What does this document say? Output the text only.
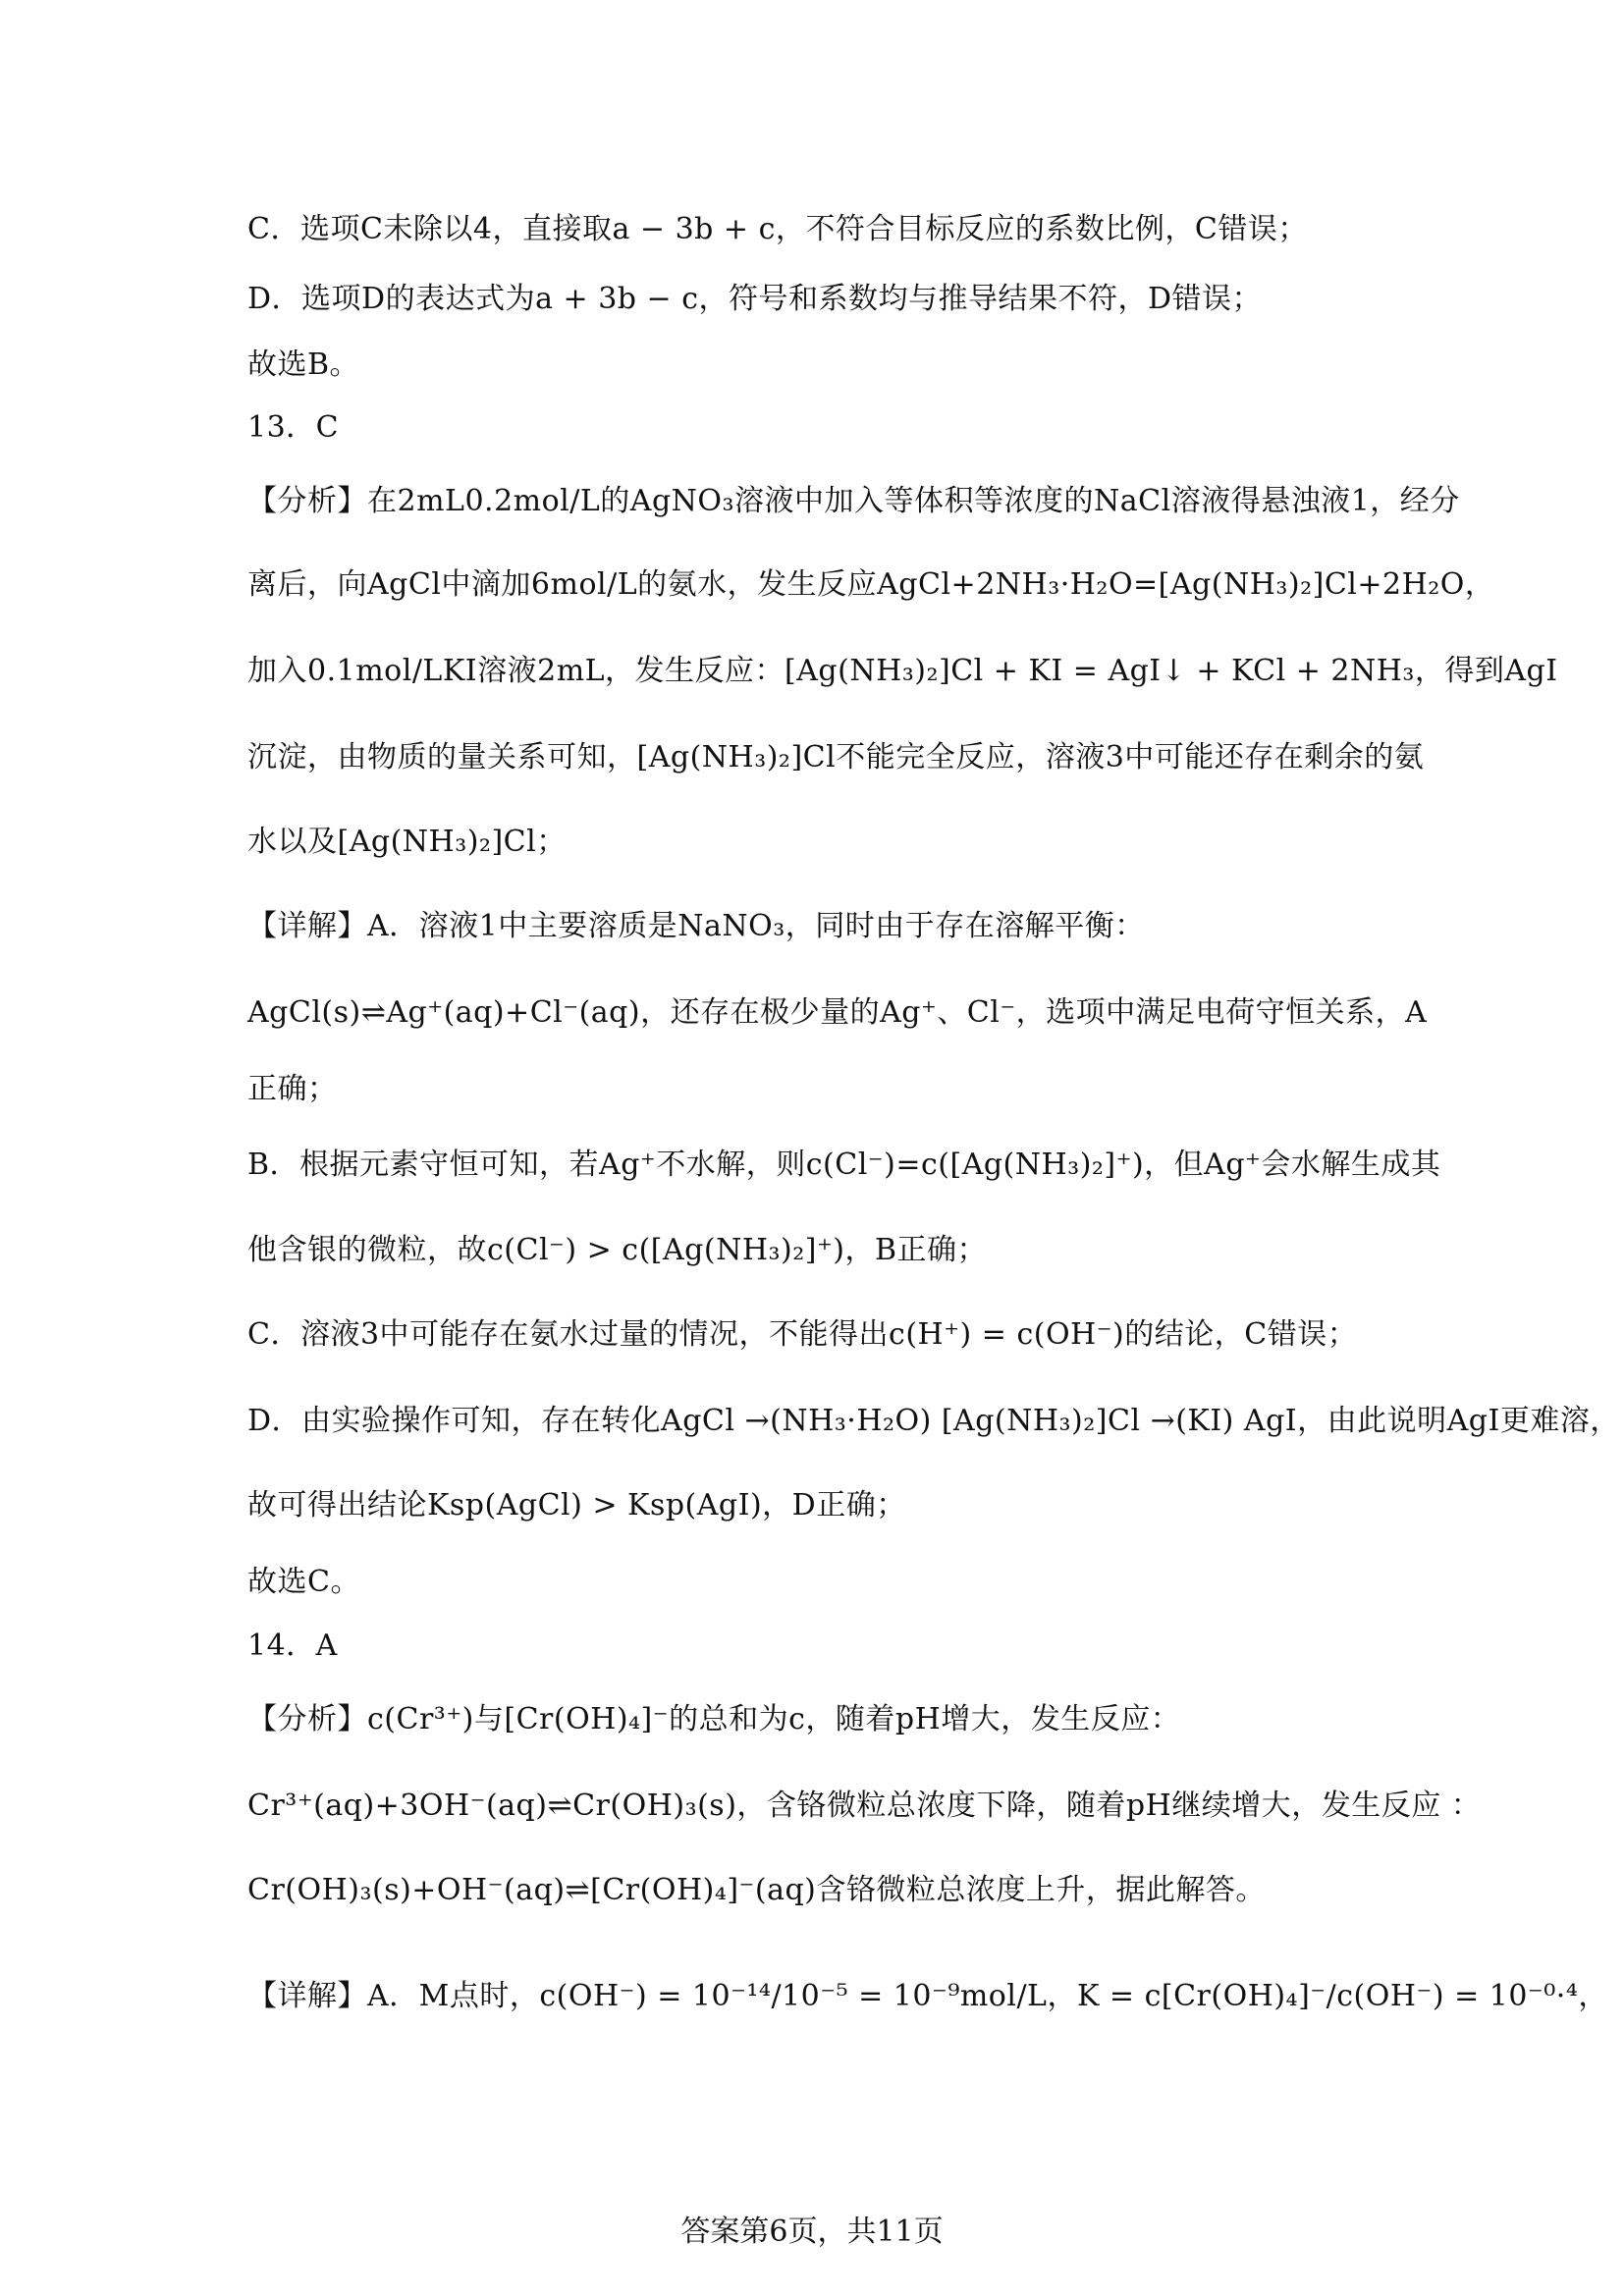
C．选项C未除以4，直接取a − 3b + c，不符合目标反应的系数比例，C错误；
D．选项D的表达式为a + 3b − c，符号和系数均与推导结果不符，D错误；
故选B。
13．C
【分析】在2mL0.2mol/L的AgNO₃溶液中加入等体积等浓度的NaCl溶液得悬浊液1，经分
离后，向AgCl中滴加6mol/L的氨水，发生反应AgCl+2NH₃·H₂O=[Ag(NH₃)₂]Cl+2H₂O，
加入0.1mol/LKI溶液2mL，发生反应：[Ag(NH₃)₂]Cl + KI = AgI↓ + KCl + 2NH₃，得到AgI
沉淀，由物质的量关系可知，[Ag(NH₃)₂]Cl不能完全反应，溶液3中可能还存在剩余的氨
水以及[Ag(NH₃)₂]Cl；
【详解】A．溶液1中主要溶质是NaNO₃，同时由于存在溶解平衡：
AgCl(s)⇌Ag⁺(aq)+Cl⁻(aq)，还存在极少量的Ag⁺、Cl⁻，选项中满足电荷守恒关系，A
正确；
B．根据元素守恒可知，若Ag⁺不水解，则c(Cl⁻)=c([Ag(NH₃)₂]⁺)，但Ag⁺会水解生成其
他含银的微粒，故c(Cl⁻) > c([Ag(NH₃)₂]⁺)，B正确；
C．溶液3中可能存在氨水过量的情况，不能得出c(H⁺) = c(OH⁻)的结论，C错误；
D．由实验操作可知，存在转化AgCl →(NH₃·H₂O) [Ag(NH₃)₂]Cl →(KI) AgI，由此说明AgI更难溶，
故可得出结论Ksp(AgCl) > Ksp(AgI)，D正确；
故选C。
14．A
【分析】c(Cr³⁺)与[Cr(OH)₄]⁻的总和为c，随着pH增大，发生反应：
Cr³⁺(aq)+3OH⁻(aq)⇌Cr(OH)₃(s)，含铬微粒总浓度下降，随着pH继续增大，发生反应 ：
Cr(OH)₃(s)+OH⁻(aq)⇌[Cr(OH)₄]⁻(aq)含铬微粒总浓度上升，据此解答。
【详解】A．M点时，c(OH⁻) = 10⁻¹⁴/10⁻⁵ = 10⁻⁹mol/L，K = c[Cr(OH)₄]⁻/c(OH⁻) = 10⁻⁰·⁴，
答案第6页，共11页
